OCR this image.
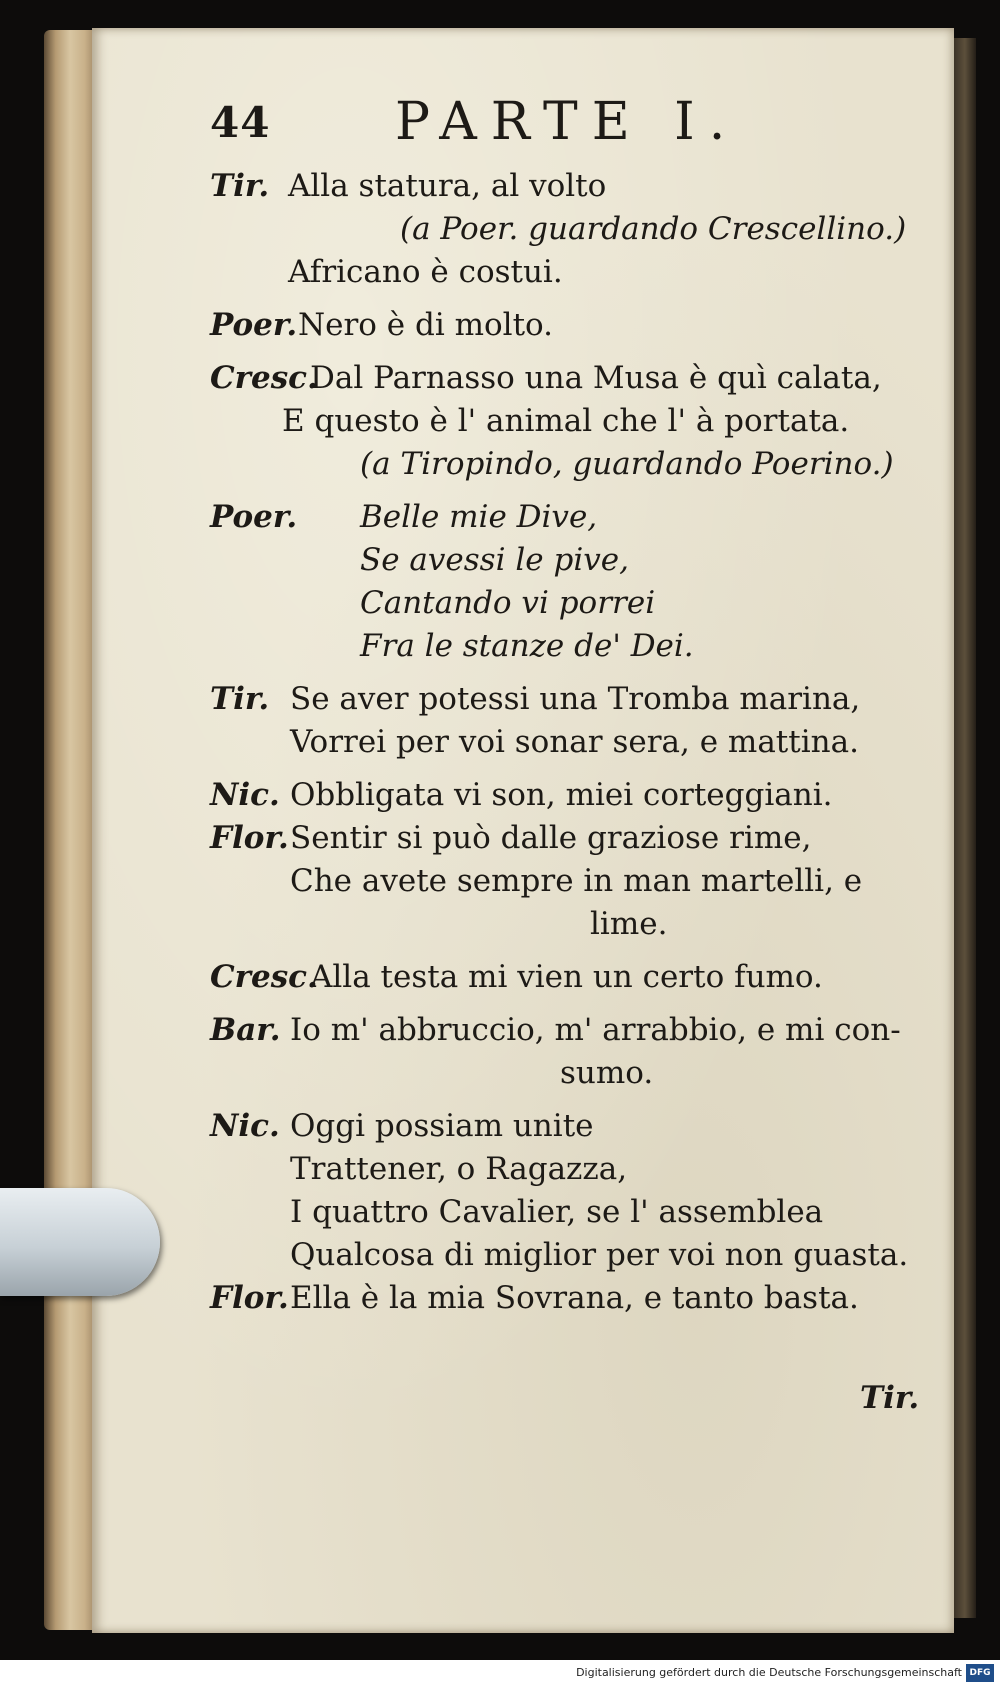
44 PARTE I.
Tir. Alla statura, al volto
(a Poer. guardando Crescellino.)
Africano è costui.
Poer. Nero è di molto.
Cresc.
Dal Parnasso una Musa è quì calata,
E questo è l' animal che l' à portata.
(a Tiropindo, guardando Poerino.)
Poer. Belle mie Dive,
Se avessi le pive,
Cantando vi porrei
Fra le stanze de' Dei.
Tir. Se aver potessi una Tromba marina,
Vorrei per voi sonar sera, e mattina.
Nic. Obbligata vi son, miei corteggiani.
Flor. Sentir si può dalle graziose rime,
Che avete sempre in man martelli, e
lime.
Cresc.
Alla testa mi vien un certo fumo.
Bar. Io m' abbruccio, m' arrabbio, e mi con-
sumo.
Nic. Oggi possiam unite
Trattener, o Ragazza,
I quattro Cavalier, se l' assemblea
Qualcosa di miglior per voi non guasta.
Flor. Ella è la mia Sovrana, e tanto basta.
Tir.
Digitalisierung gefördert durch die Deutsche Forschungsgemeinschaft DFG
